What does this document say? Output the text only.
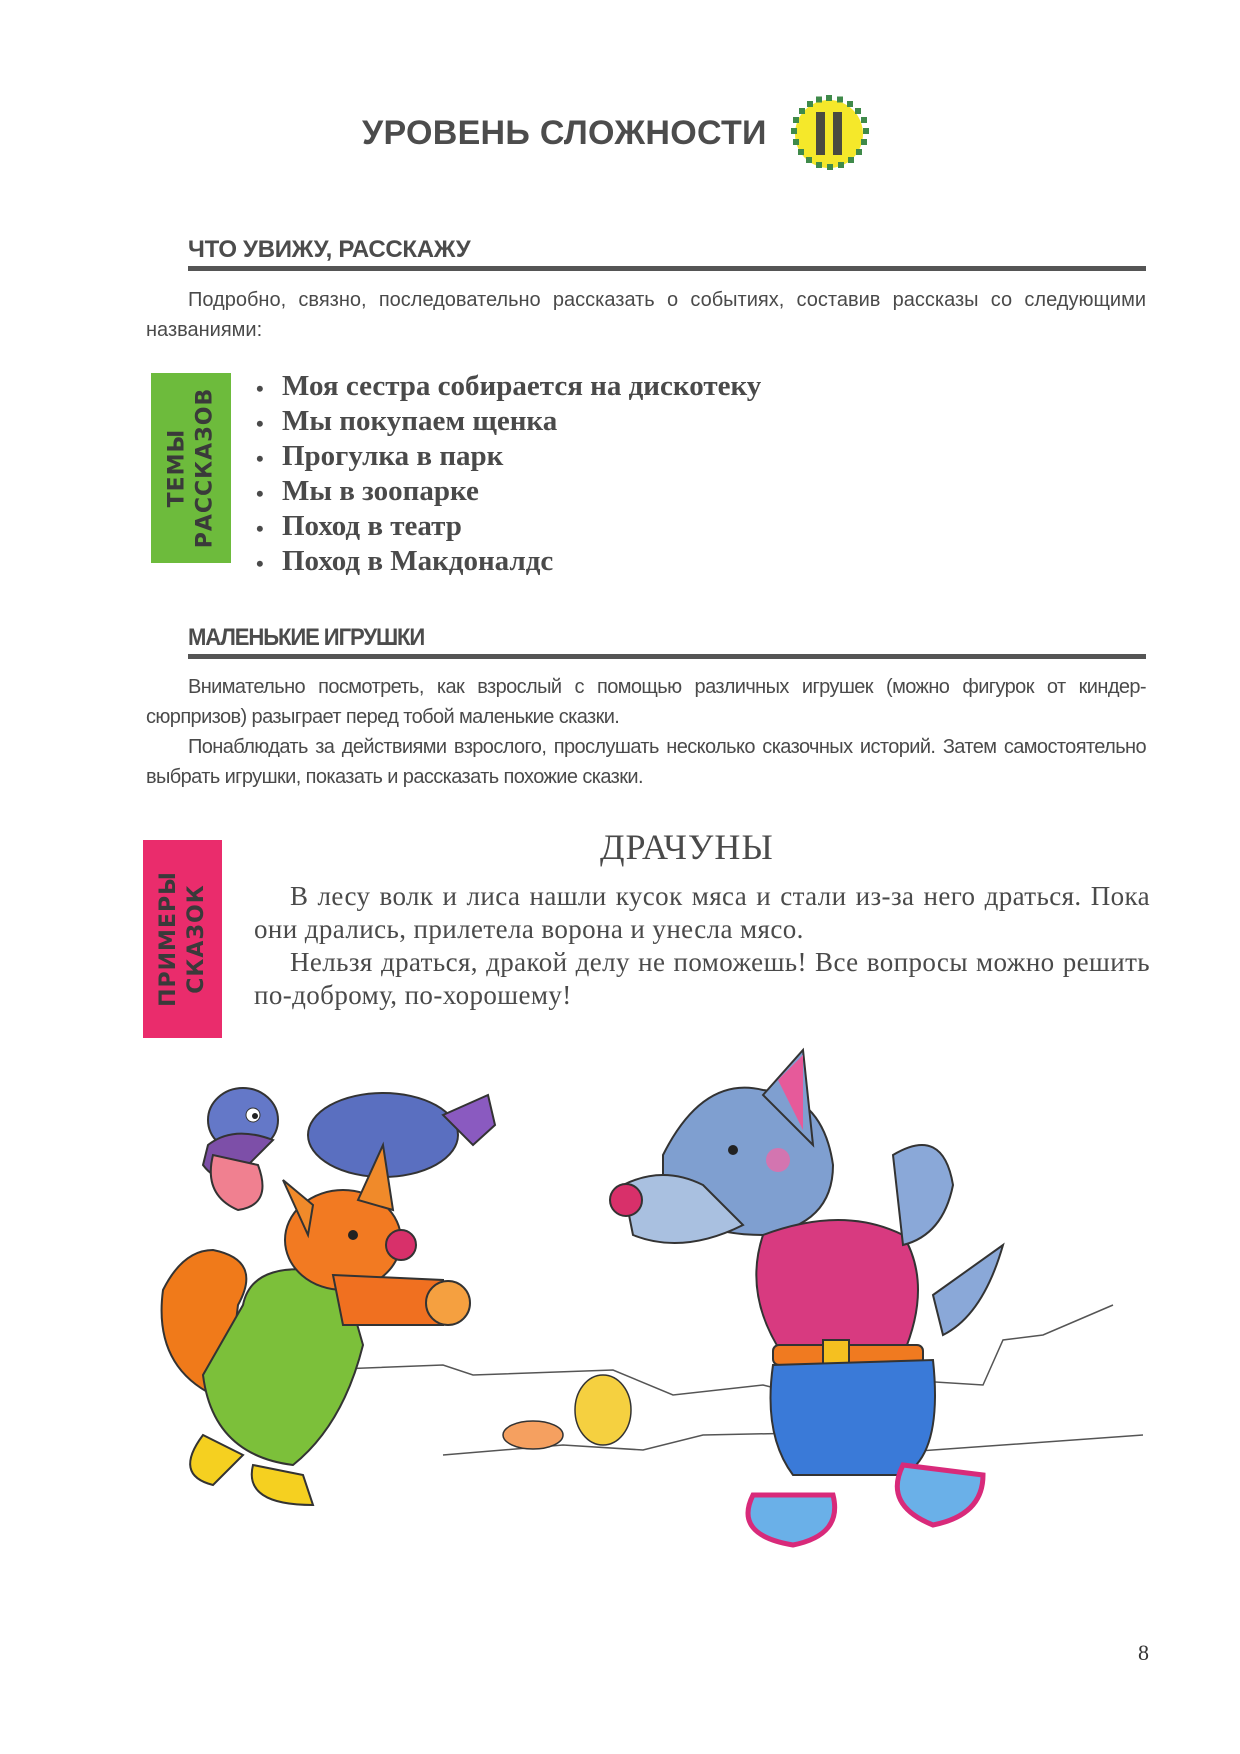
УРОВЕНЬ СЛОЖНОСТИ
ЧТО УВИЖУ, РАССКАЖУ

Подробно, связно, последовательно рассказать о событиях, составив рассказы со следующими названиями:

ТЕМЫ РАССКАЗОВ • Моя сестра собирается на дискотеку
• Мы покупаем щенка
• Прогулка в парк
• Мы в зоопарке
• Поход в театр
• Поход в Макдоналдс
МАЛЕНЬКИЕ ИГРУШКИ

Внимательно посмотреть, как взрослый с помощью различных игрушек (можно фигурок от киндер-сюрпризов) разыграет перед тобой маленькие сказки.

Понаблюдать за действиями взрослого, прослушать несколько сказочных историй. Затем самостоятельно выбрать игрушки, показать и рассказать похожие сказки.

ПРИМЕРЫ СКАЗОК
ДРАЧУНЫ

В лесу волк и лиса нашли кусок мяса и стали из-за него драться. Пока они дрались, прилетела ворона и унесла мясо.

Нельзя драться, дракой делу не поможешь! Все вопросы можно решить по-доброму, по-хорошему!

8
